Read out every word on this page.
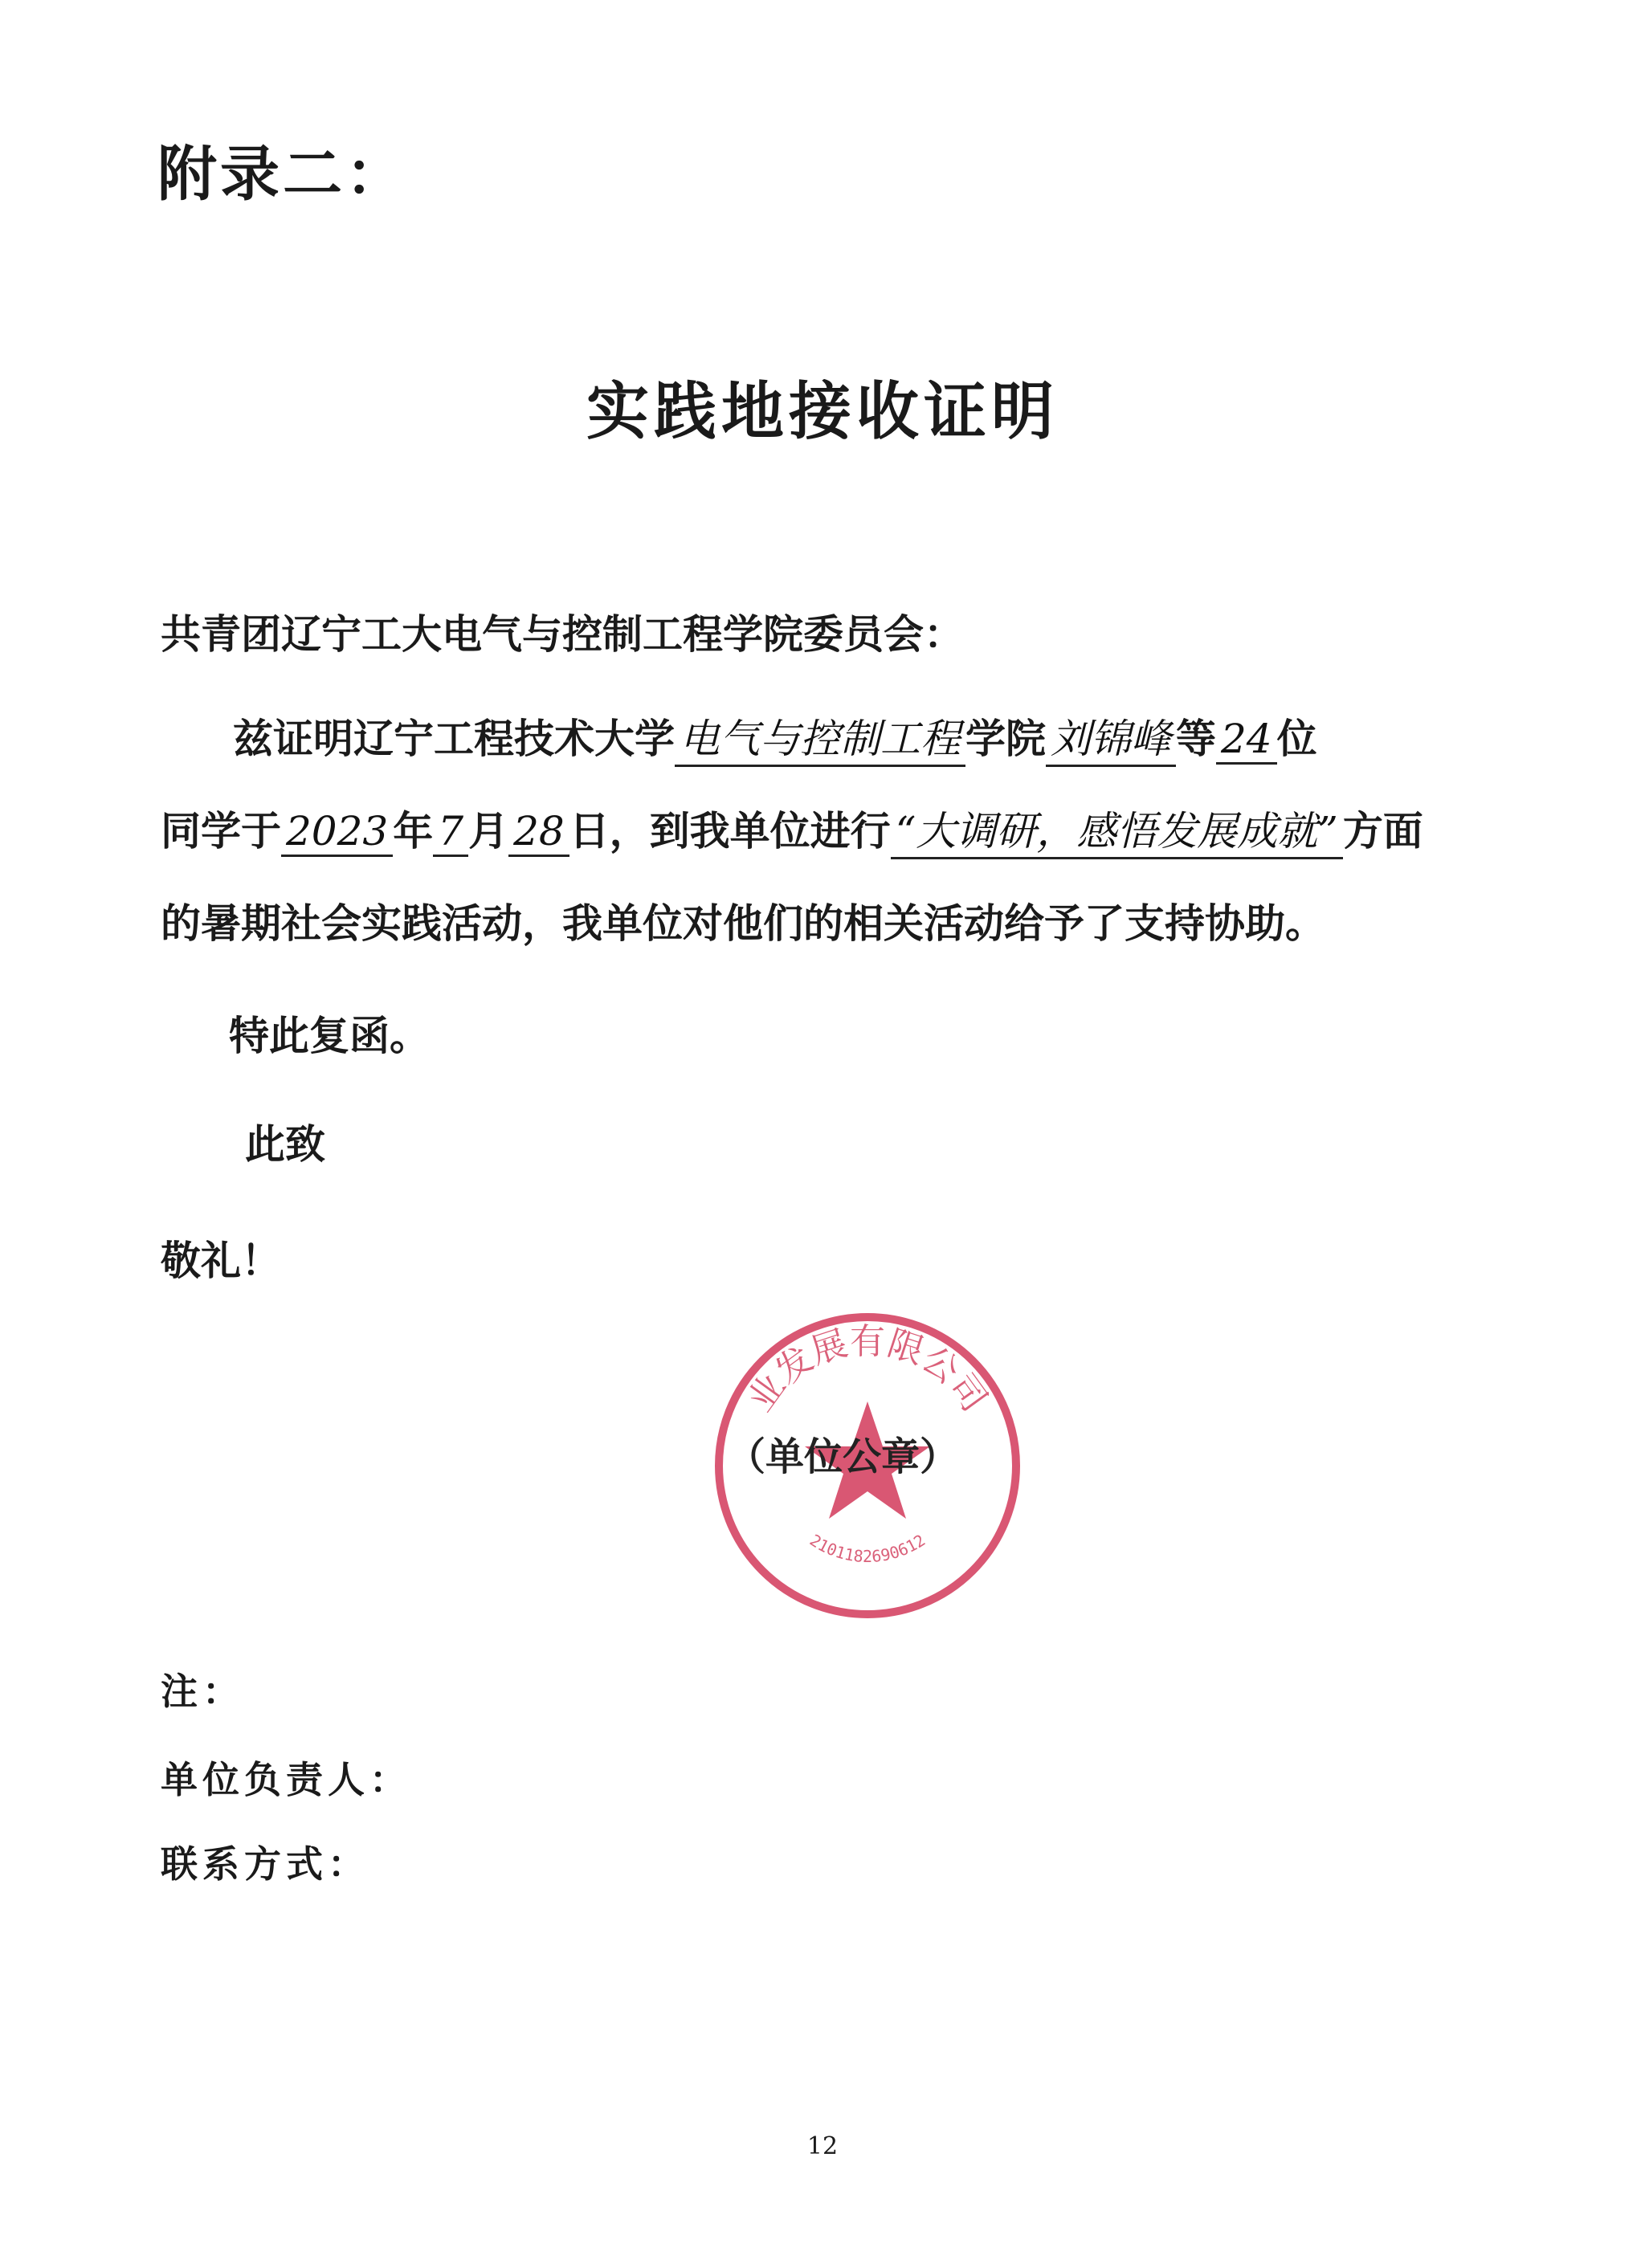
附录二：
实践地接收证明
共青团辽宁工大电气与控制工程学院委员会：
兹证明辽宁工程技术大学 电气与控制工程 学院 刘锦峰 等 24 位
同学于 2023 年 7 月 28 日，到我单位进行 “大调研，感悟发展成就” 方面
的暑期社会实践活动，我单位对他们的相关活动给予了支持协助。
特此复函。
此致
敬礼！
业发展有限公司
2101182690612
（单位公章）
注：
单位负责人：
联系方式：
12
